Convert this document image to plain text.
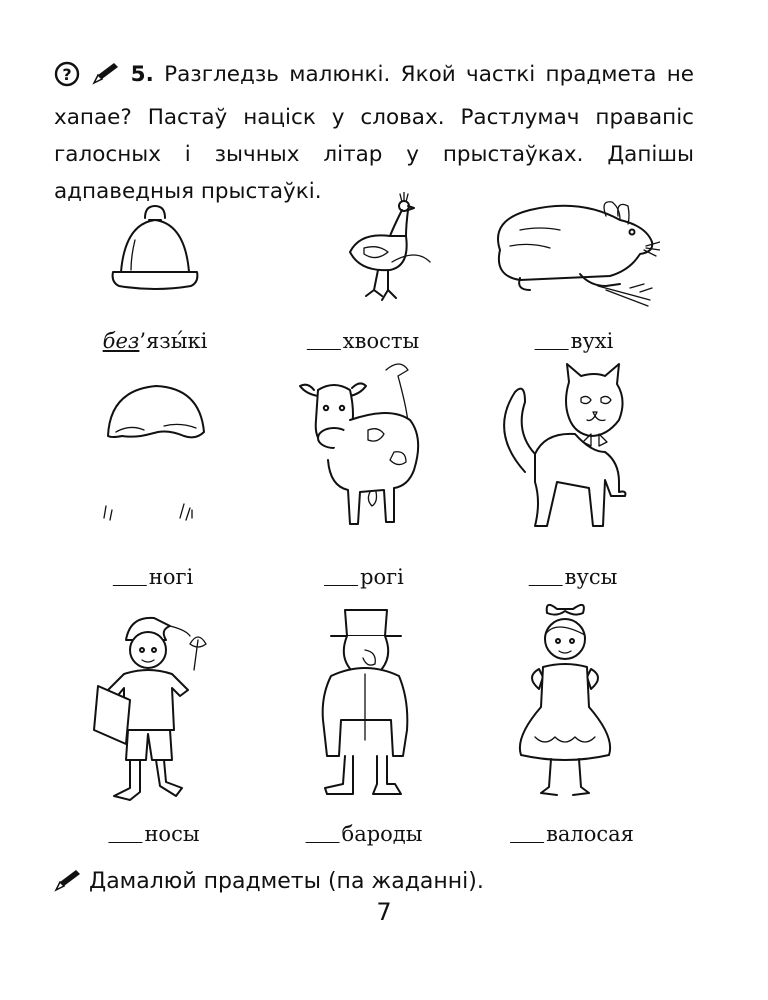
?	5. Разгледзь малюнкі. Якой часткі прадмета не хапае? Пастаў націск у словах. Растлумач правапіс галосных і зычных літар у прыстаўках. Дапішы адпаведныя прыстаўкі.
без’язы́кі	хвосты	вухі
ногі	рогі	вусы
носы	бароды	валосая
Дамалюй прадметы (па жаданні).
7
